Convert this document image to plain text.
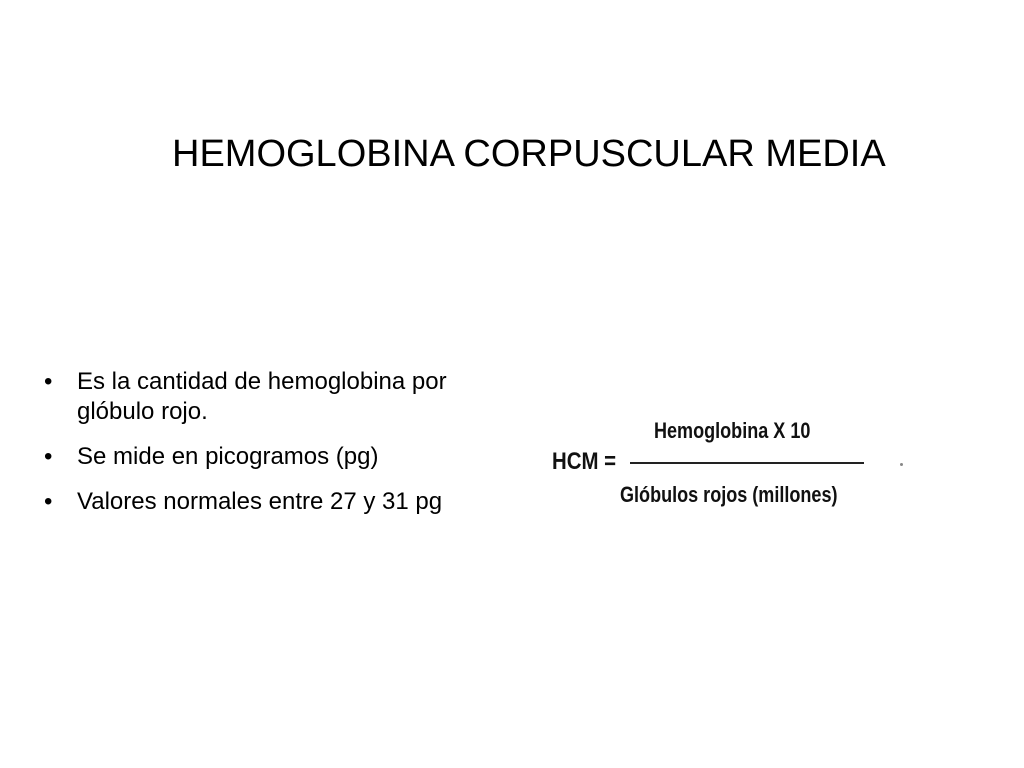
HEMOGLOBINA CORPUSCULAR MEDIA
• Es la cantidad de hemoglobina por glóbulo rojo.
• Se mide en picogramos (pg)
• Valores normales entre 27 y 31 pg
HCM =
Hemoglobina X 10
Glóbulos rojos (millones)
